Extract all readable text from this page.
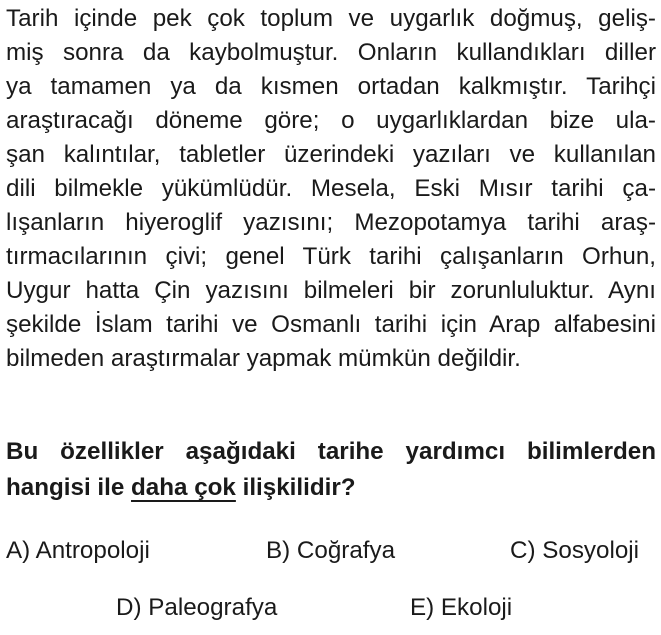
Tarih içinde pek çok toplum ve uygarlık doğmuş, geliş-
miş sonra da kaybolmuştur. Onların kullandıkları diller
ya tamamen ya da kısmen ortadan kalkmıştır. Tarihçi
araştıracağı döneme göre; o uygarlıklardan bize ula-
şan kalıntılar, tabletler üzerindeki yazıları ve kullanılan
dili bilmekle yükümlüdür. Mesela, Eski Mısır tarihi ça-
lışanların hiyeroglif yazısını; Mezopotamya tarihi araş-
tırmacılarının çivi; genel Türk tarihi çalışanların Orhun,
Uygur hatta Çin yazısını bilmeleri bir zorunluluktur. Aynı
şekilde İslam tarihi ve Osmanlı tarihi için Arap alfabesini
bilmeden araştırmalar yapmak mümkün değildir.
Bu özellikler aşağıdaki tarihe yardımcı bilimlerden
hangisi ile daha çok ilişkilidir?
A) Antropoloji	B) Coğrafya	C) Sosyoloji
D) Paleografya	E) Ekoloji
